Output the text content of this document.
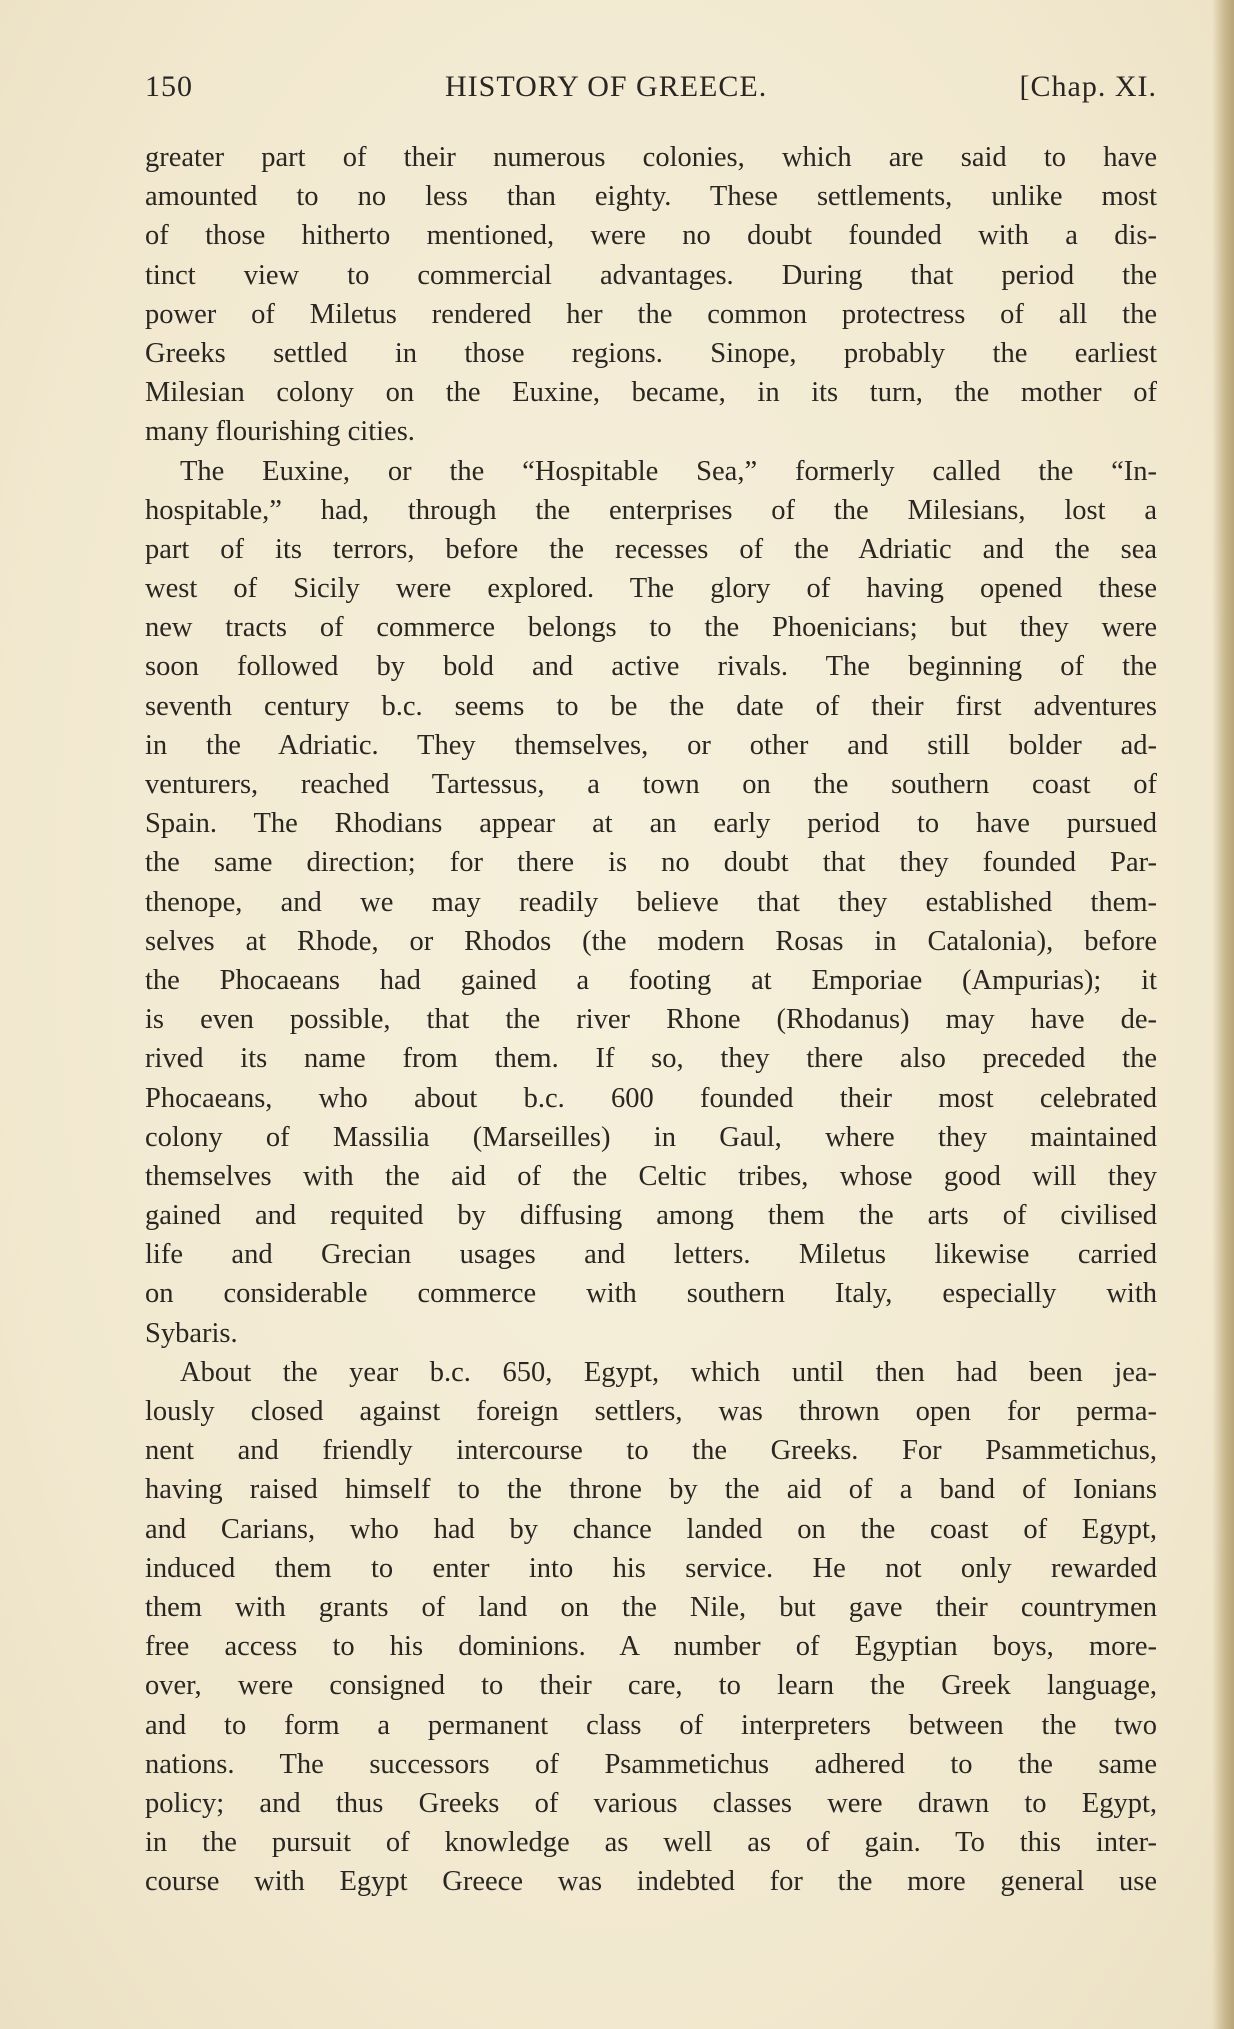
150	HISTORY OF GREECE.	[Chap. XI.
greater part of their numerous colonies, which are said to have
amounted to no less than eighty. These settlements, unlike most
of those hitherto mentioned, were no doubt founded with a dis-
tinct view to commercial advantages. During that period the
power of Miletus rendered her the common protectress of all the
Greeks settled in those regions. Sinope, probably the earliest
Milesian colony on the Euxine, became, in its turn, the mother of
many flourishing cities.
The Euxine, or the “Hospitable Sea,” formerly called the “In-
hospitable,” had, through the enterprises of the Milesians, lost a
part of its terrors, before the recesses of the Adriatic and the sea
west of Sicily were explored. The glory of having opened these
new tracts of commerce belongs to the Phoenicians; but they were
soon followed by bold and active rivals. The beginning of the
seventh century b.c. seems to be the date of their first adventures
in the Adriatic. They themselves, or other and still bolder ad-
venturers, reached Tartessus, a town on the southern coast of
Spain. The Rhodians appear at an early period to have pursued
the same direction; for there is no doubt that they founded Par-
thenope, and we may readily believe that they established them-
selves at Rhode, or Rhodos (the modern Rosas in Catalonia), before
the Phocaeans had gained a footing at Emporiae (Ampurias); it
is even possible, that the river Rhone (Rhodanus) may have de-
rived its name from them. If so, they there also preceded the
Phocaeans, who about b.c. 600 founded their most celebrated
colony of Massilia (Marseilles) in Gaul, where they maintained
themselves with the aid of the Celtic tribes, whose good will they
gained and requited by diffusing among them the arts of civilised
life and Grecian usages and letters. Miletus likewise carried
on considerable commerce with southern Italy, especially with
Sybaris.
About the year b.c. 650, Egypt, which until then had been jea-
lously closed against foreign settlers, was thrown open for perma-
nent and friendly intercourse to the Greeks. For Psammetichus,
having raised himself to the throne by the aid of a band of Ionians
and Carians, who had by chance landed on the coast of Egypt,
induced them to enter into his service. He not only rewarded
them with grants of land on the Nile, but gave their countrymen
free access to his dominions. A number of Egyptian boys, more-
over, were consigned to their care, to learn the Greek language,
and to form a permanent class of interpreters between the two
nations. The successors of Psammetichus adhered to the same
policy; and thus Greeks of various classes were drawn to Egypt,
in the pursuit of knowledge as well as of gain. To this inter-
course with Egypt Greece was indebted for the more general use
